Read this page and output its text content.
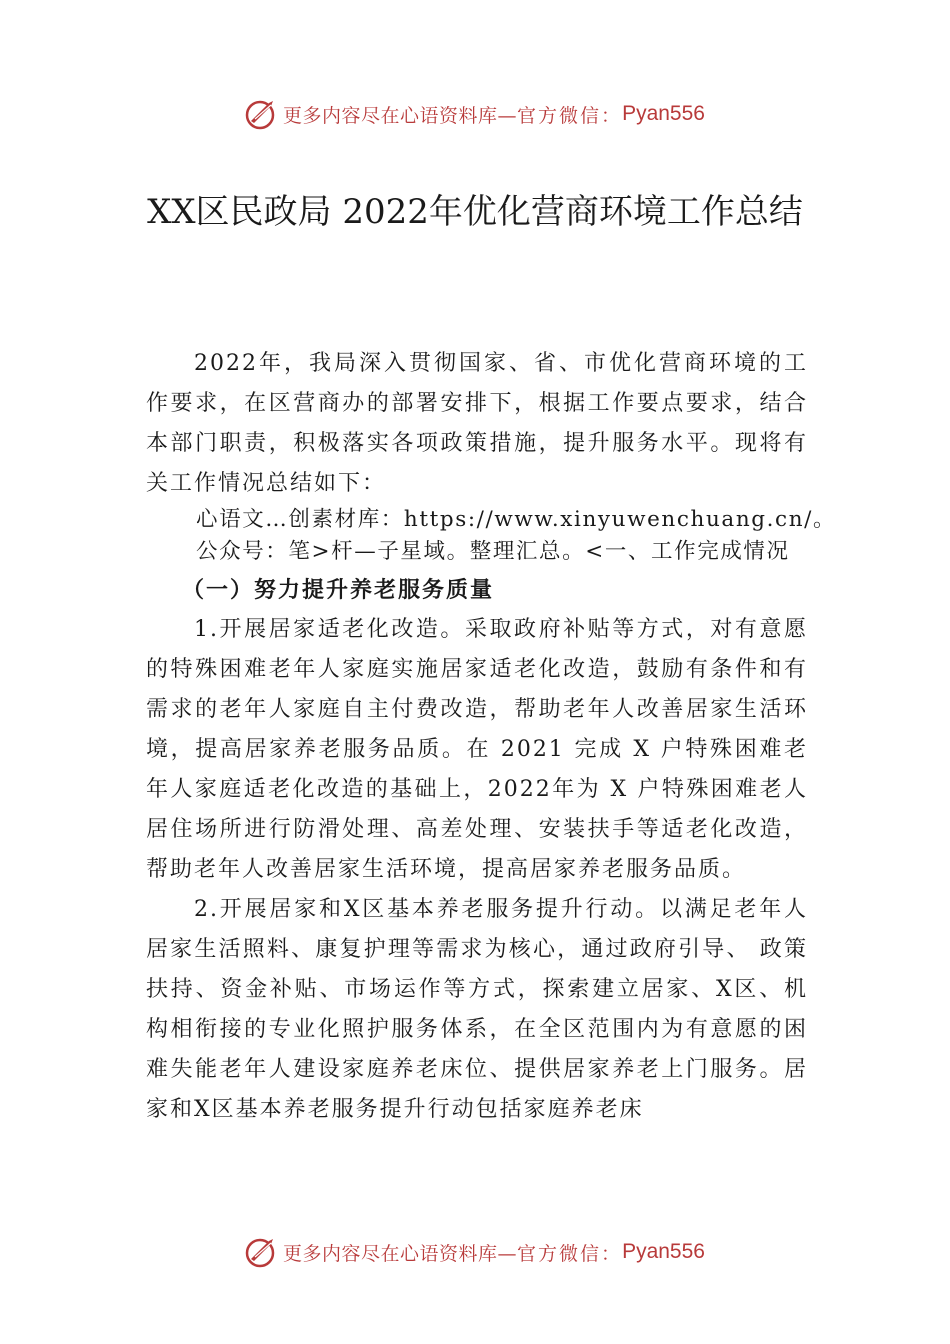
更多内容尽在心语资料库— 官方微信： Pyan556
XX区民政局 2022年优化营商环境工作总结

2022年，我局深入贯彻国家、省、市优化营商环境的工作要求，在区营商办的部署安排下，根据工作要点要求，结合本部门职责，积极落实各项政策措施，提升服务水平。现将有关工作情况总结如下：

心语文…创素材库：https://www.xinyuwenchuang.cn/。

公众号：笔>杆—子星域。整理汇总。<一、工作完成情况

（一）努力提升养老服务质量

1.开展居家适老化改造。采取政府补贴等方式，对有意愿的特殊困难老年人家庭实施居家适老化改造，鼓励有条件和有需求的老年人家庭自主付费改造，帮助老年人改善居家生活环境，提高居家养老服务品质。在 2021 完成 X 户特殊困难老年人家庭适老化改造的基础上，2022年为 X 户特殊困难老人居住场所进行防滑处理、高差处理、安装扶手等适老化改造，帮助老年人改善居家生活环境，提高居家养老服务品质。

2.开展居家和X区基本养老服务提升行动。以满足老年人居家生活照料、康复护理等需求为核心，通过政府引导、 政策扶持、资金补贴、市场运作等方式，探索建立居家、X区、机构相衔接的专业化照护服务体系，在全区范围内为有意愿的困难失能老年人建设家庭养老床位、提供居家养老上门服务。居家和X区基本养老服务提升行动包括家庭养老床

更多内容尽在心语资料库— 官方微信： Pyan556
